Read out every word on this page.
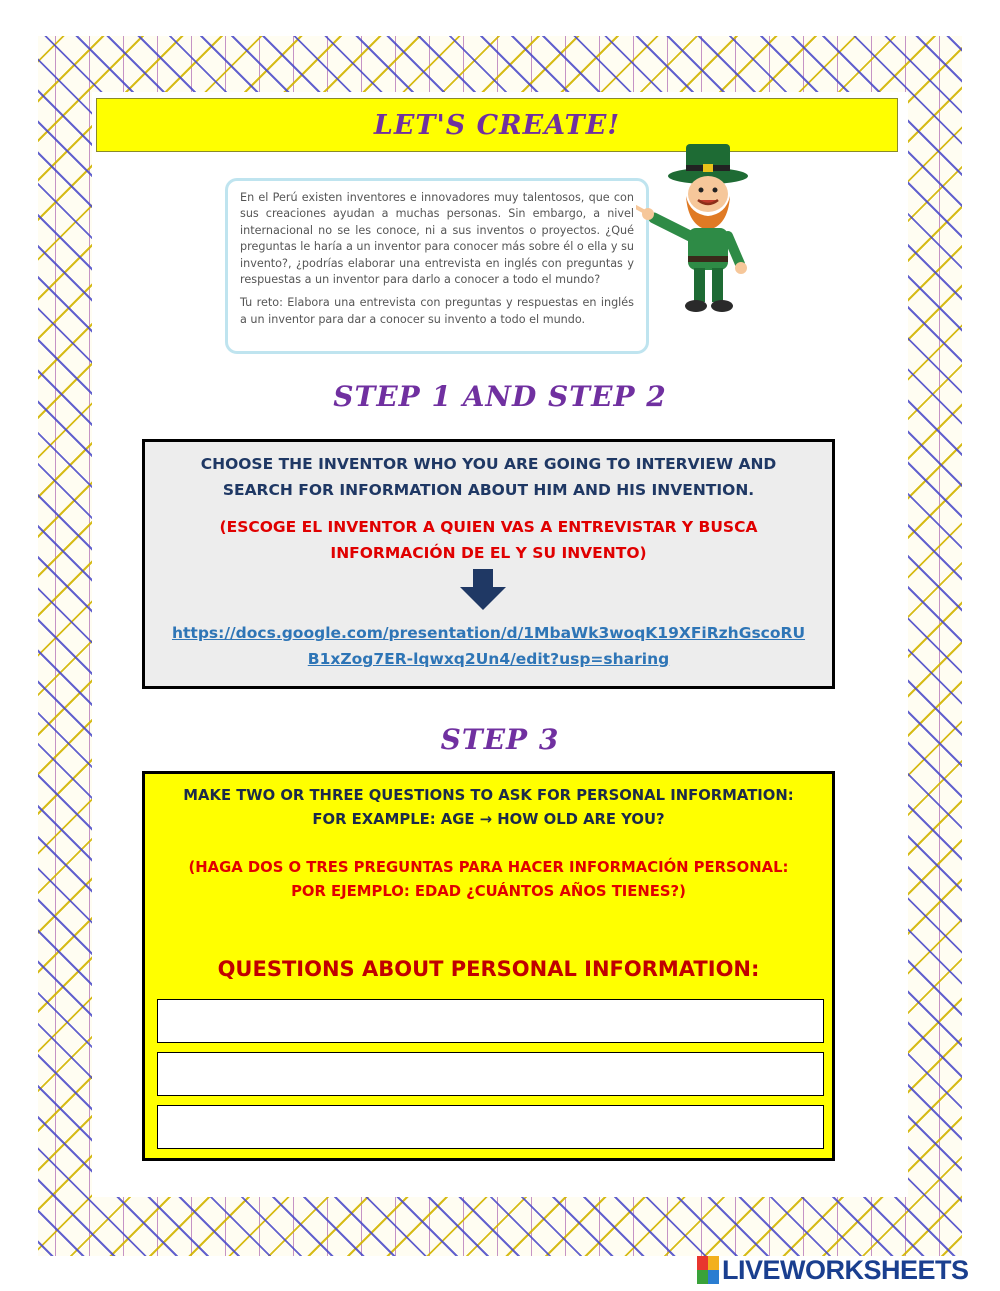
LET'S CREATE!

En el Perú existen inventores e innovadores muy talentosos, que con sus creaciones ayudan a muchas personas. Sin embargo, a nivel internacional no se les conoce, ni a sus inventos o proyectos. ¿Qué preguntas le haría a un inventor para conocer más sobre él o ella y su invento?, ¿podrías elaborar una entrevista en inglés con preguntas y respuestas a un inventor para darlo a conocer a todo el mundo?

Tu reto: Elabora una entrevista con preguntas y respuestas en inglés a un inventor para dar a conocer su invento a todo el mundo.

STEP 1 AND STEP 2
CHOOSE THE INVENTOR WHO YOU ARE GOING TO INTERVIEW AND
SEARCH FOR INFORMATION ABOUT HIM AND HIS INVENTION.
(ESCOGE EL INVENTOR A QUIEN VAS A ENTREVISTAR Y BUSCA
INFORMACIÓN DE EL Y SU INVENTO)
https://docs.google.com/presentation/d/1MbaWk3woqK19XFiRzhGscoRU
B1xZog7ER-lqwxq2Un4/edit?usp=sharing
STEP 3
MAKE TWO OR THREE QUESTIONS TO ASK FOR PERSONAL INFORMATION:
FOR EXAMPLE: AGE → HOW OLD ARE YOU?
(HAGA DOS O TRES PREGUNTAS PARA HACER INFORMACIÓN PERSONAL:
POR EJEMPLO: EDAD ¿CUÁNTOS AÑOS TIENES?)
QUESTIONS ABOUT PERSONAL INFORMATION:
LIVEWORKSHEETS
